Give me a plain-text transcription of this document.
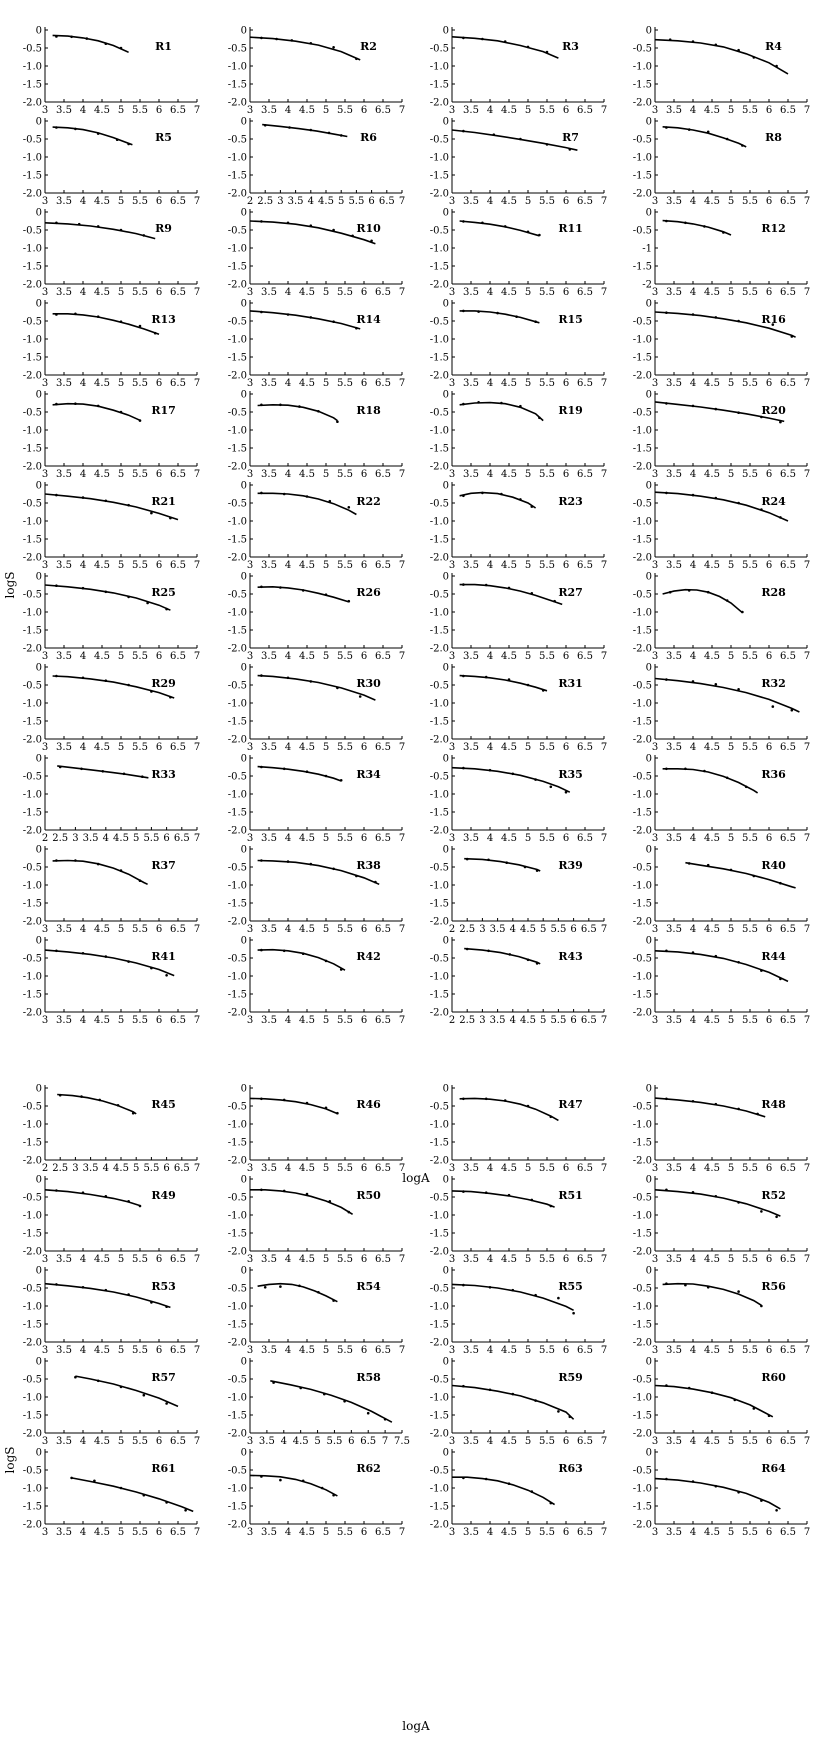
0
-0.5
-1.0
-1.5
-2.0
3 3.5 4 4.5 5 5.5 6 6.5 7
R1
0
-0.5
-1.0
-1.5
-2.0
3 3.5 4 4.5 5 5.5 6 6.5 7
R2
0
-0.5
-1.0
-1.5
-2.0
3 3.5 4 4.5 5 5.5 6 6.5 7
R3
0
-0.5
-1.0
-1.5
-2.0
3 3.5 4 4.5 5 5.5 6 6.5 7
R4
0
-0.5
-1.0
-1.5
-2.0
3 3.5 4 4.5 5 5.5 6 6.5 7
R5
0
-0.5
-1.0
-1.5
-2.0
2 2.5 3 3.5 4 4.5 5 5.5 6 6.5 7
R6
0
-0.5
-1.0
-1.5
-2.0
3 3.5 4 4.5 5 5.5 6 6.5 7
R7
0
-0.5
-1.0
-1.5
-2.0
3 3.5 4 4.5 5 5.5 6 6.5 7
R8
0
-0.5
-1.0
-1.5
-2.0
3 3.5 4 4.5 5 5.5 6 6.5 7
R9
0
-0.5
-1.0
-1.5
-2.0
3 3.5 4 4.5 5 5.5 6 6.5 7
R10
0
-0.5
-1.0
-1.5
-2.0
3 3.5 4 4.5 5 5.5 6 6.5 7
R11
0
-0.5
-1
-1.5
-2
3 3.5 4 4.5 5 5.5 6 6.5 7
R12
0
-0.5
-1.0
-1.5
-2.0
3 3.5 4 4.5 5 5.5 6 6.5 7
R13
0
-0.5
-1.0
-1.5
-2.0
3 3.5 4 4.5 5 5.5 6 6.5 7
R14
0
-0.5
-1.0
-1.5
-2.0
3 3.5 4 4.5 5 5.5 6 6.5 7
R15
0
-0.5
-1.0
-1.5
-2.0
3 3.5 4 4.5 5 5.5 6 6.5 7
R16
0
-0.5
-1.0
-1.5
-2.0
3 3.5 4 4.5 5 5.5 6 6.5 7
R17
0
-0.5
-1.0
-1.5
-2.0
3 3.5 4 4.5 5 5.5 6 6.5 7
R18
0
-0.5
-1.0
-1.5
-2.0
3 3.5 4 4.5 5 5.5 6 6.5 7
R19
0
-0.5
-1.0
-1.5
-2.0
3 3.5 4 4.5 5 5.5 6 6.5 7
R20
0
-0.5
-1.0
-1.5
-2.0
3 3.5 4 4.5 5 5.5 6 6.5 7
R21
0
-0.5
-1.0
-1.5
-2.0
3 3.5 4 4.5 5 5.5 6 6.5 7
R22
0
-0.5
-1.0
-1.5
-2.0
3 3.5 4 4.5 5 5.5 6 6.5 7
R23
0
-0.5
-1.0
-1.5
-2.0
3 3.5 4 4.5 5 5.5 6 6.5 7
R24
0
-0.5
-1.0
-1.5
-2.0
3 3.5 4 4.5 5 5.5 6 6.5 7
R25
0
-0.5
-1.0
-1.5
-2.0
3 3.5 4 4.5 5 5.5 6 6.5 7
R26
0
-0.5
-1.0
-1.5
-2.0
3 3.5 4 4.5 5 5.5 6 6.5 7
R27
0
-0.5
-1.0
-1.5
-2.0
3 3.5 4 4.5 5 5.5 6 6.5 7
R28
0
-0.5
-1.0
-1.5
-2.0
3 3.5 4 4.5 5 5.5 6 6.5 7
R29
0
-0.5
-1.0
-1.5
-2.0
3 3.5 4 4.5 5 5.5 6 6.5 7
R30
0
-0.5
-1.0
-1.5
-2.0
3 3.5 4 4.5 5 5.5 6 6.5 7
R31
0
-0.5
-1.0
-1.5
-2.0
3 3.5 4 4.5 5 5.5 6 6.5 7
R32
0
-0.5
-1.0
-1.5
-2.0
2 2.5 3 3.5 4 4.5 5 5.5 6 6.5 7
R33
0
-0.5
-1.0
-1.5
-2.0
3 3.5 4 4.5 5 5.5 6 6.5 7
R34
0
-0.5
-1.0
-1.5
-2.0
3 3.5 4 4.5 5 5.5 6 6.5 7
R35
0
-0.5
-1.0
-1.5
-2.0
3 3.5 4 4.5 5 5.5 6 6.5 7
R36
0
-0.5
-1.0
-1.5
-2.0
3 3.5 4 4.5 5 5.5 6 6.5 7
R37
0
-0.5
-1.0
-1.5
-2.0
3 3.5 4 4.5 5 5.5 6 6.5 7
R38
0
-0.5
-1.0
-1.5
-2.0
2 2.5 3 3.5 4 4.5 5 5.5 6 6.5 7
R39
0
-0.5
-1.0
-1.5
-2.0
3 3.5 4 4.5 5 5.5 6 6.5 7
R40
0
-0.5
-1.0
-1.5
-2.0
3 3.5 4 4.5 5 5.5 6 6.5 7
R41
0
-0.5
-1.0
-1.5
-2.0
3 3.5 4 4.5 5 5.5 6 6.5 7
R42
0
-0.5
-1.0
-1.5
-2.0
2 2.5 3 3.5 4 4.5 5 5.5 6 6.5 7
R43
0
-0.5
-1.0
-1.5
-2.0
3 3.5 4 4.5 5 5.5 6 6.5 7
R44
0
-0.5
-1.0
-1.5
-2.0
2 2.5 3 3.5 4 4.5 5 5.5 6 6.5 7
R45
0
-0.5
-1.0
-1.5
-2.0
3 3.5 4 4.5 5 5.5 6 6.5 7
R46
0
-0.5
-1.0
-1.5
-2.0
3 3.5 4 4.5 5 5.5 6 6.5 7
R47
0
-0.5
-1.0
-1.5
-2.0
3 3.5 4 4.5 5 5.5 6 6.5 7
R48
0
-0.5
-1.0
-1.5
-2.0
3 3.5 4 4.5 5 5.5 6 6.5 7
R49
0
-0.5
-1.0
-1.5
-2.0
3 3.5 4 4.5 5 5.5 6 6.5 7
R50
0
-0.5
-1.0
-1.5
-2.0
3 3.5 4 4.5 5 5.5 6 6.5 7
R51
0
-0.5
-1.0
-1.5
-2.0
3 3.5 4 4.5 5 5.5 6 6.5 7
R52
0
-0.5
-1.0
-1.5
-2.0
3 3.5 4 4.5 5 5.5 6 6.5 7
R53
0
-0.5
-1.0
-1.5
-2.0
3 3.5 4 4.5 5 5.5 6 6.5 7
R54
0
-0.5
-1.0
-1.5
-2.0
3 3.5 4 4.5 5 5.5 6 6.5 7
R55
0
-0.5
-1.0
-1.5
-2.0
3 3.5 4 4.5 5 5.5 6 6.5 7
R56
0
-0.5
-1.0
-1.5
-2.0
3 3.5 4 4.5 5 5.5 6 6.5 7
R57
0
-0.5
-1.0
-1.5
-2.0
3 3.5 4 4.5 5 5.5 6 6.5 7 7.5
R58
0
-0.5
-1.0
-1.5
-2.0
3 3.5 4 4.5 5 5.5 6 6.5 7
R59
0
-0.5
-1.0
-1.5
-2.0
3 3.5 4 4.5 5 5.5 6 6.5 7
R60
0
-0.5
-1.0
-1.5
-2.0
3 3.5 4 4.5 5 5.5 6 6.5 7
R61
0
-0.5
-1.0
-1.5
-2.0
3 3.5 4 4.5 5 5.5 6 6.5 7
R62
0
-0.5
-1.0
-1.5
-2.0
3 3.5 4 4.5 5 5.5 6 6.5 7
R63
0
-0.5
-1.0
-1.5
-2.0
3 3.5 4 4.5 5 5.5 6 6.5 7
R64
logS
logA
logS
logA
